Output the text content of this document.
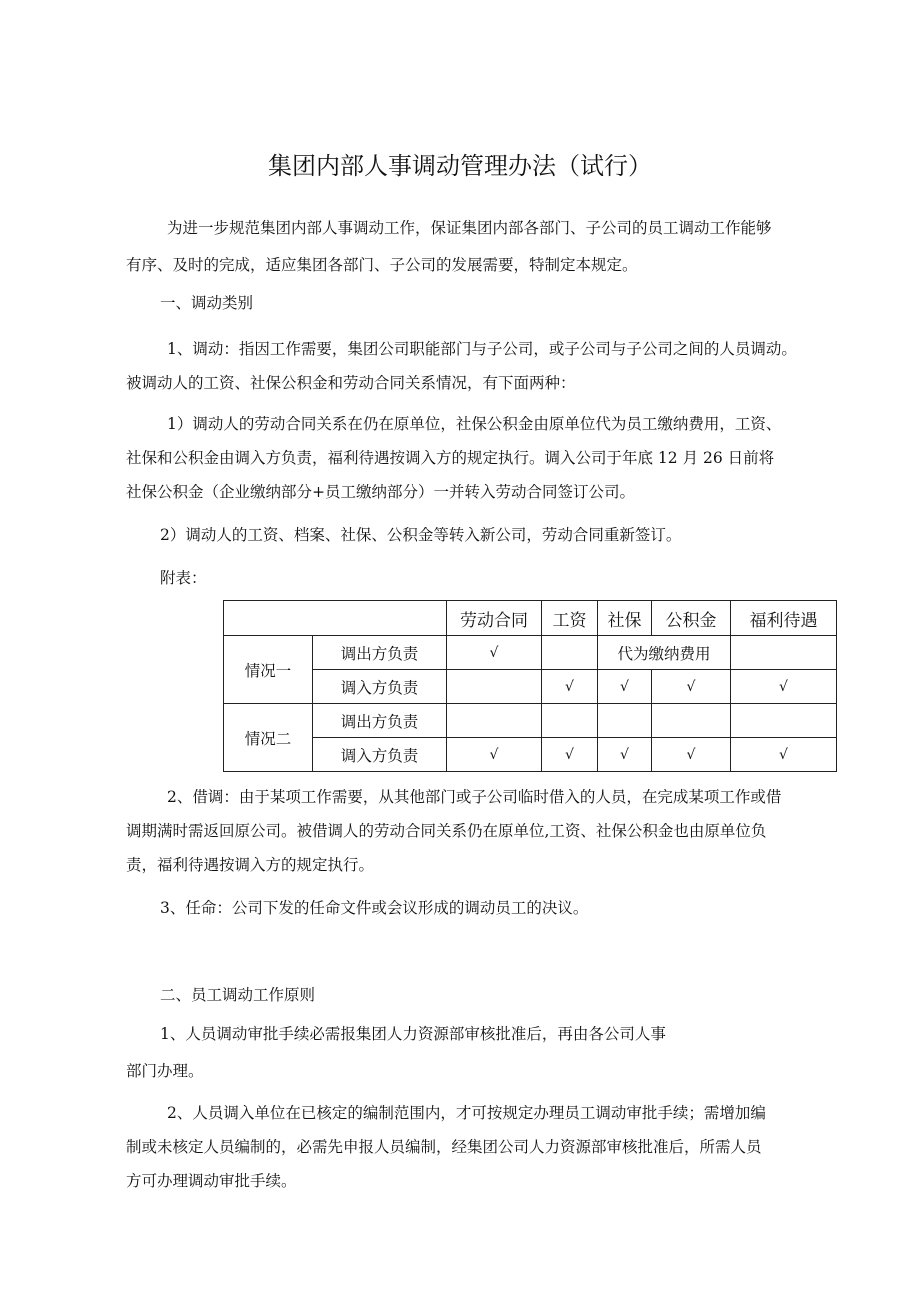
集团内部人事调动管理办法（试行）

为进一步规范集团内部人事调动工作，保证集团内部各部门、子公司的员工调动工作能够

有序、及时的完成，适应集团各部门、子公司的发展需要，特制定本规定。

一、调动类别

1、调动：指因工作需要，集团公司职能部门与子公司，或子公司与子公司之间的人员调动。

被调动人的工资、社保公积金和劳动合同关系情况，有下面两种：

1）调动人的劳动合同关系在仍在原单位，社保公积金由原单位代为员工缴纳费用，工资、

社保和公积金由调入方负责，福利待遇按调入方的规定执行。调入公司于年底 12 月 26 日前将

社保公积金（企业缴纳部分+员工缴纳部分）一并转入劳动合同签订公司。

2）调动人的工资、档案、社保、公积金等转入新公司，劳动合同重新签订。

附表：

		劳动合同	工资	社保	公积金	福利待遇
情况一	调出方负责	√		代为缴纳费用		
	调入方负责		√	√	√	√
情况二	调出方负责					
	调入方负责	√	√	√	√	√

2、借调：由于某项工作需要，从其他部门或子公司临时借入的人员，在完成某项工作或借

调期满时需返回原公司。被借调人的劳动合同关系仍在原单位,工资、社保公积金也由原单位负

责，福利待遇按调入方的规定执行。

3、任命：公司下发的任命文件或会议形成的调动员工的决议。

二、员工调动工作原则

1、人员调动审批手续必需报集团人力资源部审核批准后，再由各公司人事

部门办理。

2、人员调入单位在已核定的编制范围内，才可按规定办理员工调动审批手续；需增加编

制或未核定人员编制的，必需先申报人员编制，经集团公司人力资源部审核批准后，所需人员

方可办理调动审批手续。
